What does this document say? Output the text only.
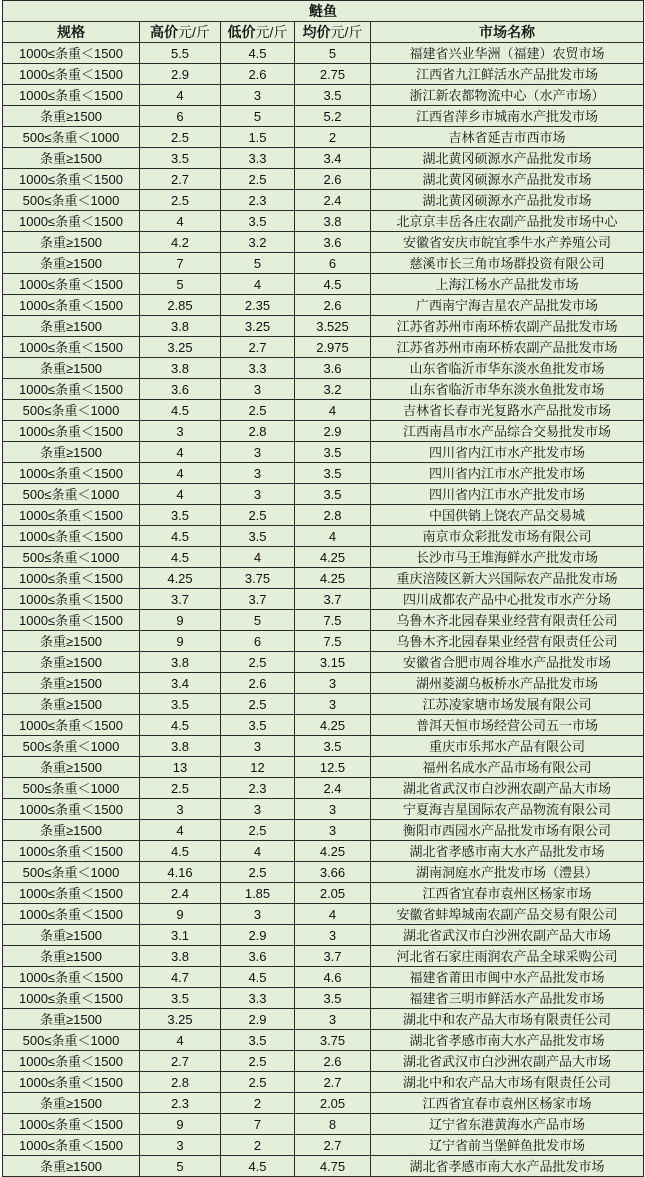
鲢鱼				
规格	高价元/斤	低价元/斤	均价元/斤	市场名称
1000≤条重＜1500	5.5	4.5	5	福建省兴业华洲（福建）农贸市场
1000≤条重＜1500	2.9	2.6	2.75	江西省九江鲜活水产品批发市场
1000≤条重＜1500	4	3	3.5	浙江新农都物流中心（水产市场）
条重≥1500	6	5	5.2	江西省萍乡市城南水产批发市场
500≤条重＜1000	2.5	1.5	2	吉林省延吉市西市场
条重≥1500	3.5	3.3	3.4	湖北黄冈硕源水产品批发市场
1000≤条重＜1500	2.7	2.5	2.6	湖北黄冈硕源水产品批发市场
500≤条重＜1000	2.5	2.3	2.4	湖北黄冈硕源水产品批发市场
1000≤条重＜1500	4	3.5	3.8	北京京丰岳各庄农副产品批发市场中心
条重≥1500	4.2	3.2	3.6	安徽省安庆市皖宜季牛水产养殖公司
条重≥1500	7	5	6	慈溪市长三角市场群投资有限公司
1000≤条重＜1500	5	4	4.5	上海江杨水产品批发市场
1000≤条重＜1500	2.85	2.35	2.6	广西南宁海吉星农产品批发市场
条重≥1500	3.8	3.25	3.525	江苏省苏州市南环桥农副产品批发市场
1000≤条重＜1500	3.25	2.7	2.975	江苏省苏州市南环桥农副产品批发市场
条重≥1500	3.8	3.3	3.6	山东省临沂市华东淡水鱼批发市场
1000≤条重＜1500	3.6	3	3.2	山东省临沂市华东淡水鱼批发市场
500≤条重＜1000	4.5	2.5	4	吉林省长春市光复路水产品批发市场
1000≤条重＜1500	3	2.8	2.9	江西南昌市水产品综合交易批发市场
条重≥1500	4	3	3.5	四川省内江市水产批发市场
1000≤条重＜1500	4	3	3.5	四川省内江市水产批发市场
500≤条重＜1000	4	3	3.5	四川省内江市水产批发市场
1000≤条重＜1500	3.5	2.5	2.8	中国供销上饶农产品交易城
1000≤条重＜1500	4.5	3.5	4	南京市众彩批发市场有限公司
500≤条重＜1000	4.5	4	4.25	长沙市马王堆海鲜水产批发市场
1000≤条重＜1500	4.25	3.75	4.25	重庆涪陵区新大兴国际农产品批发市场
1000≤条重＜1500	3.7	3.7	3.7	四川成都农产品中心批发市水产分场
1000≤条重＜1500	9	5	7.5	乌鲁木齐北园春果业经营有限责任公司
条重≥1500	9	6	7.5	乌鲁木齐北园春果业经营有限责任公司
条重≥1500	3.8	2.5	3.15	安徽省合肥市周谷堆水产品批发市场
条重≥1500	3.4	2.6	3	湖州菱湖乌板桥水产品批发市场
条重≥1500	3.5	2.5	3	江苏凌家塘市场发展有限公司
1000≤条重＜1500	4.5	3.5	4.25	普洱天恒市场经营公司五一市场
500≤条重＜1000	3.8	3	3.5	重庆市乐邦水产品有限公司
条重≥1500	13	12	12.5	福州名成水产品市场有限公司
500≤条重＜1000	2.5	2.3	2.4	湖北省武汉市白沙洲农副产品大市场
1000≤条重＜1500	3	3	3	宁夏海吉星国际农产品物流有限公司
条重≥1500	4	2.5	3	衡阳市西园水产品批发市场有限公司
1000≤条重＜1500	4.5	4	4.25	湖北省孝感市南大水产品批发市场
500≤条重＜1000	4.16	2.5	3.66	湖南洞庭水产批发市场（澧县）
1000≤条重＜1500	2.4	1.85	2.05	江西省宜春市袁州区杨家市场
1000≤条重＜1500	9	3	4	安徽省蚌埠城南农副产品交易有限公司
条重≥1500	3.1	2.9	3	湖北省武汉市白沙洲农副产品大市场
条重≥1500	3.8	3.6	3.7	河北省石家庄雨润农产品全球采购公司
1000≤条重＜1500	4.7	4.5	4.6	福建省莆田市闽中水产品批发市场
1000≤条重＜1500	3.5	3.3	3.5	福建省三明市鲜活水产品批发市场
条重≥1500	3.25	2.9	3	湖北中和农产品大市场有限责任公司
500≤条重＜1000	4	3.5	3.75	湖北省孝感市南大水产品批发市场
1000≤条重＜1500	2.7	2.5	2.6	湖北省武汉市白沙洲农副产品大市场
1000≤条重＜1500	2.8	2.5	2.7	湖北中和农产品大市场有限责任公司
条重≥1500	2.3	2	2.05	江西省宜春市袁州区杨家市场
1000≤条重＜1500	9	7	8	辽宁省东港黄海水产品市场
1000≤条重＜1500	3	2	2.7	辽宁省前当堡鲜鱼批发市场
条重≥1500	5	4.5	4.75	湖北省孝感市南大水产品批发市场
